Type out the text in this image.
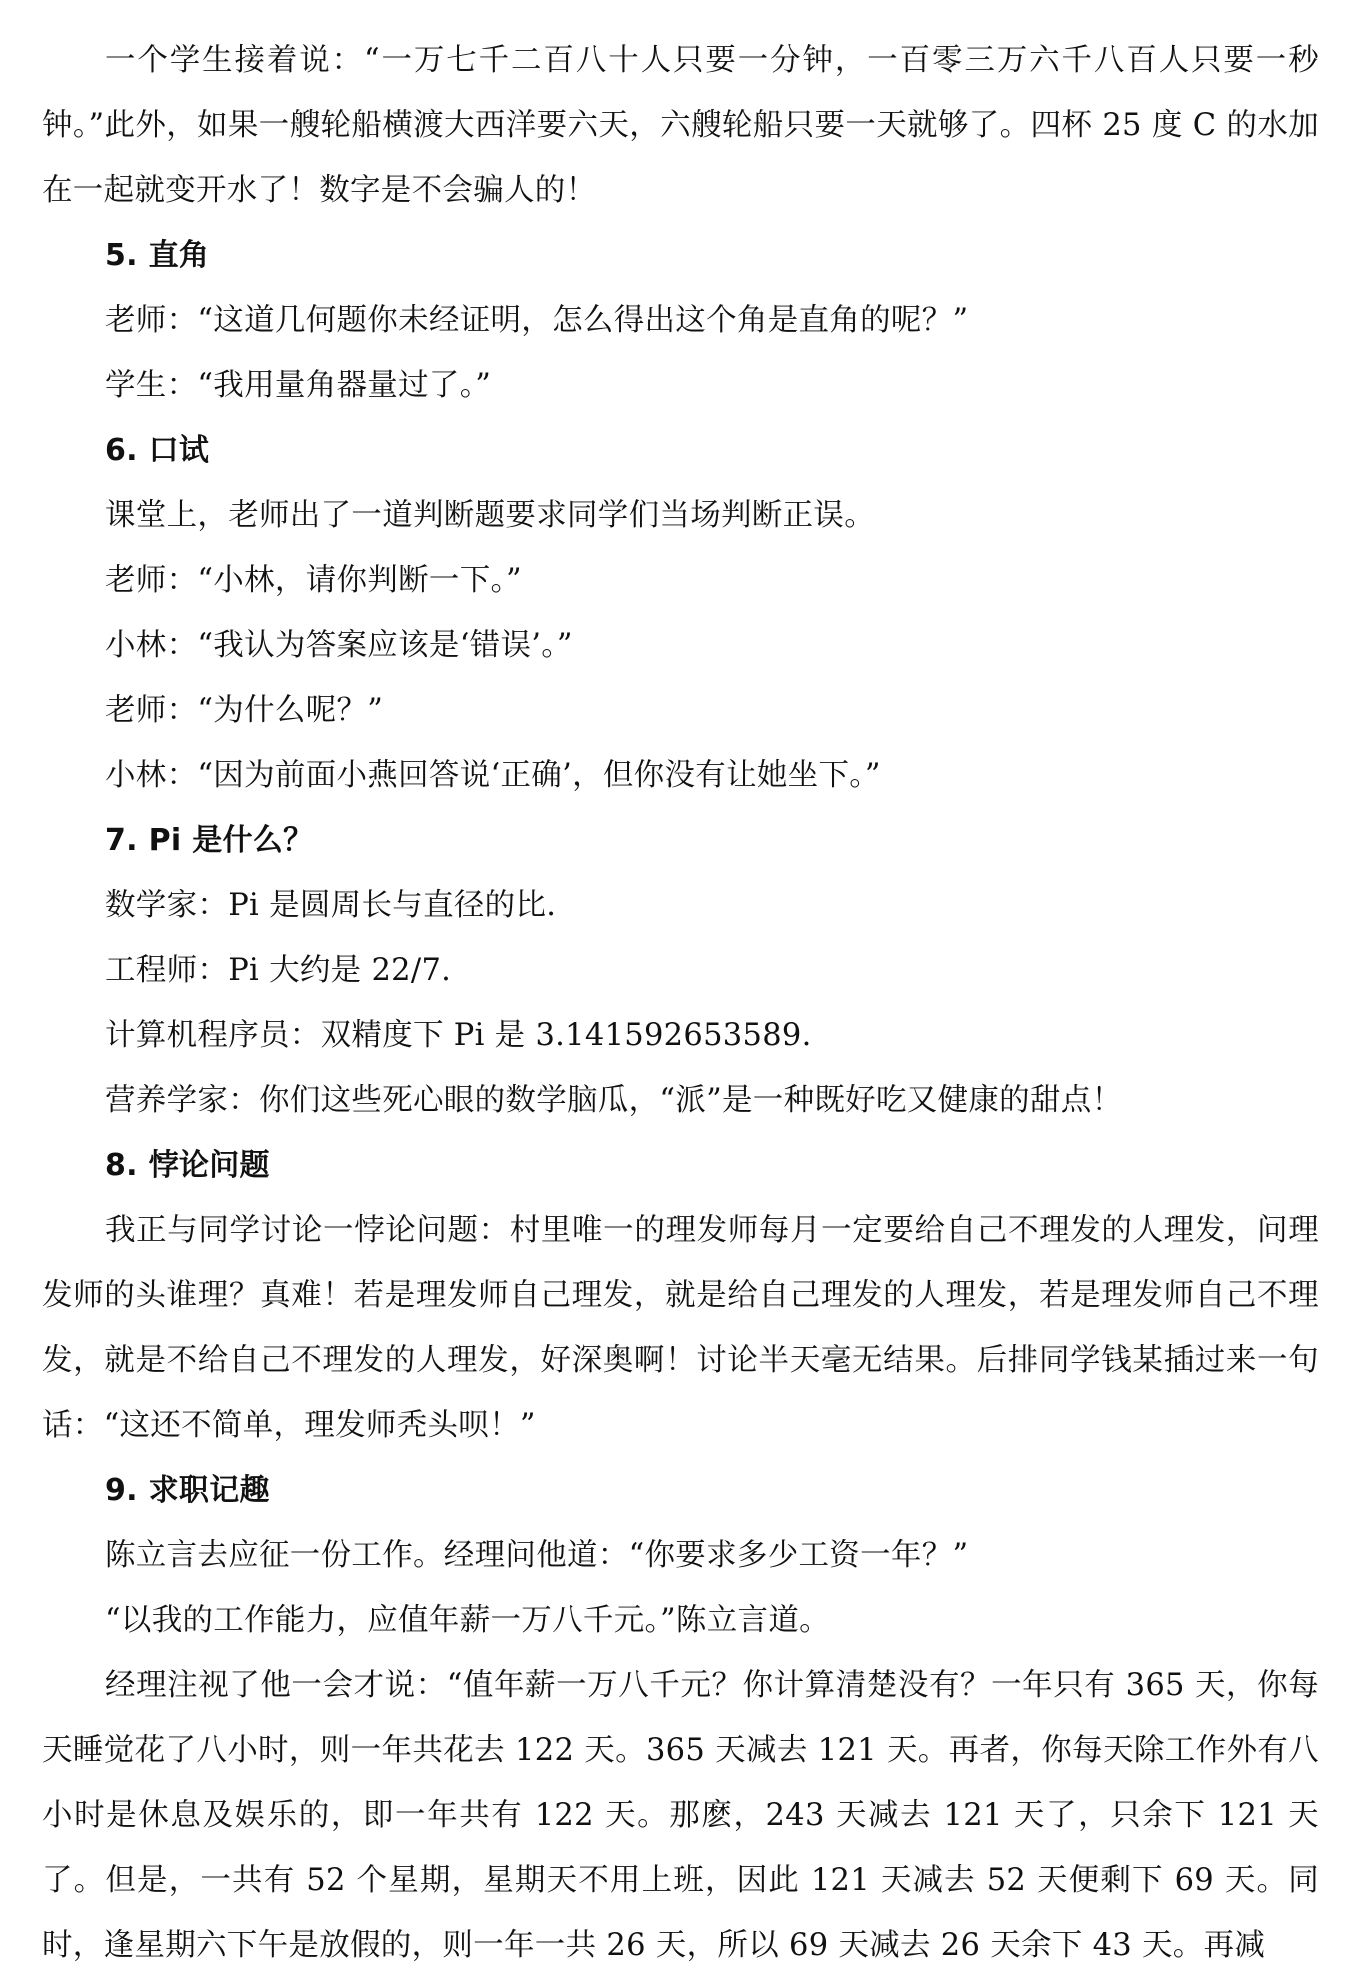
一个学生接着说：“一万七千二百八十人只要一分钟，一百零三万六千八百人只要一秒钟。”此外，如果一艘轮船横渡大西洋要六天，六艘轮船只要一天就够了。四杯 25 度 C 的水加在一起就变开水了！数字是不会骗人的！

5. 直角

老师：“这道几何题你未经证明，怎么得出这个角是直角的呢？”

学生：“我用量角器量过了。”

6. 口试

课堂上，老师出了一道判断题要求同学们当场判断正误。

老师：“小林，请你判断一下。”

小林：“我认为答案应该是‘错误’。”

老师：“为什么呢？”

小林：“因为前面小燕回答说‘正确’，但你没有让她坐下。”

7. Pi 是什么？

数学家：Pi 是圆周长与直径的比.

工程师：Pi 大约是 22/7.

计算机程序员：双精度下 Pi 是 3.141592653589.

营养学家：你们这些死心眼的数学脑瓜，“派”是一种既好吃又健康的甜点！

8. 悖论问题

我正与同学讨论一悖论问题：村里唯一的理发师每月一定要给自己不理发的人理发，问理发师的头谁理？真难！若是理发师自己理发，就是给自己理发的人理发，若是理发师自己不理发，就是不给自己不理发的人理发，好深奥啊！讨论半天毫无结果。后排同学钱某插过来一句话：“这还不简单，理发师秃头呗！”

9. 求职记趣

陈立言去应征一份工作。经理问他道：“你要求多少工资一年？”

“以我的工作能力，应值年薪一万八千元。”陈立言道。

经理注视了他一会才说：“值年薪一万八千元？你计算清楚没有？一年只有 365 天，你每天睡觉花了八小时，则一年共花去 122 天。365 天减去 121 天。再者，你每天除工作外有八小时是休息及娱乐的，即一年共有 122 天。那麽，243 天减去 121 天了，只余下 121 天了。但是，一共有 52 个星期，星期天不用上班，因此 121 天减去 52 天便剩下 69 天。同时，逢星期六下午是放假的，则一年一共 26 天，所以 69 天减去 26 天余下 43 天。再减
